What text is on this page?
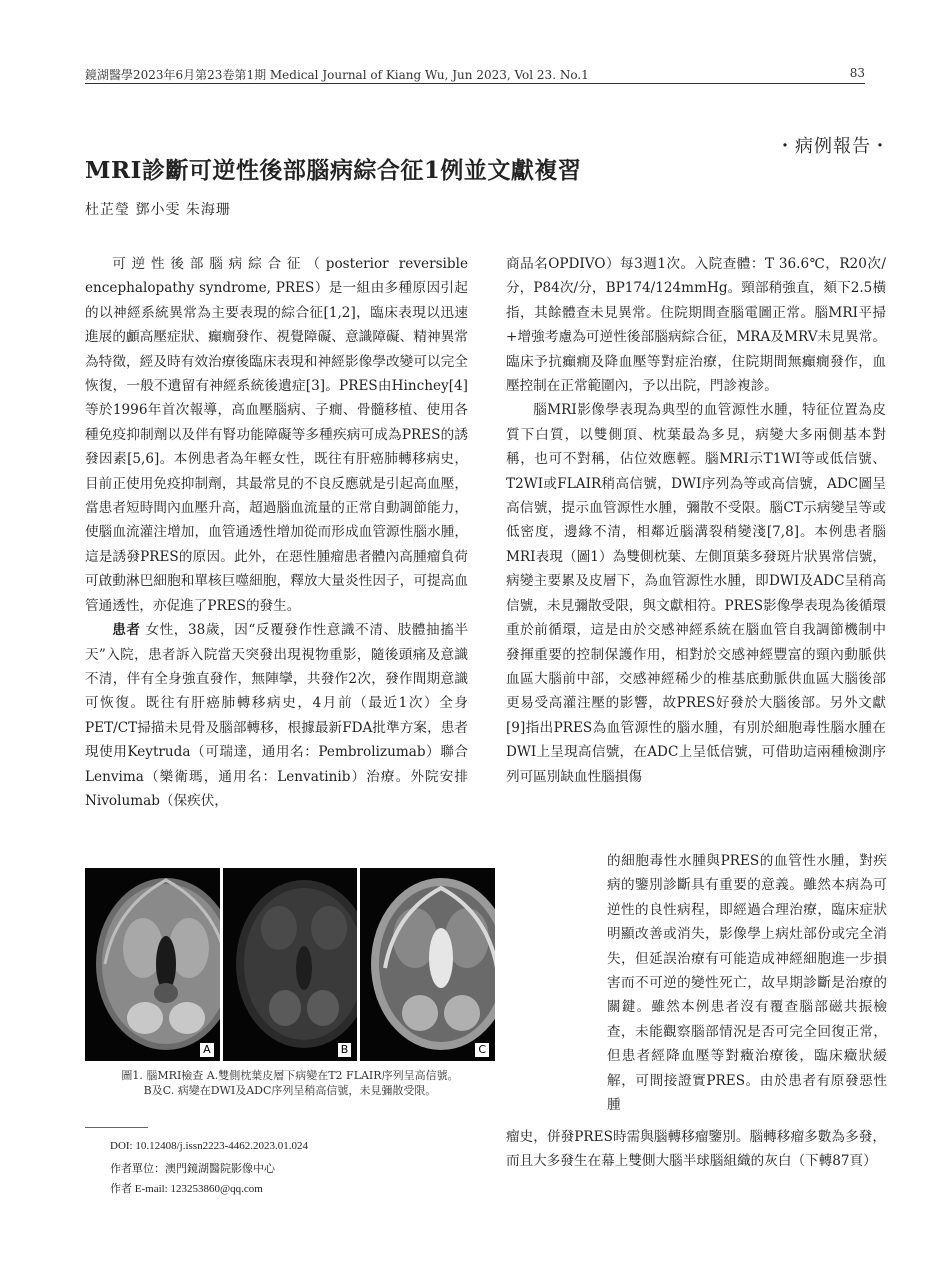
鏡湖醫學2023年6月第23卷第1期 Medical Journal of Kiang Wu, Jun 2023, Vol 23. No.1	83
・病例報告・
MRI診斷可逆性後部腦病綜合征1例並文獻複習
杜芷瑩 鄧小雯 朱海珊

可逆性後部腦病綜合征（posterior reversible encephalopathy syndrome, PRES）是一組由多種原因引起的以神經系統異常為主要表現的綜合征[1,2]，臨床表現以迅速進展的顱高壓症狀、癲癇發作、視覺障礙、意識障礙、精神異常為特徵，經及時有效治療後臨床表現和神經影像學改變可以完全恢復，一般不遺留有神經系統後遺症[3]。PRES由Hinchey[4]等於1996年首次報導，高血壓腦病、子癇、骨髓移植、使用各種免疫抑制劑以及伴有腎功能障礙等多種疾病可成為PRES的誘發因素[5,6]。本例患者為年輕女性，既往有肝癌肺轉移病史，目前正使用免疫抑制劑，其最常見的不良反應就是引起高血壓，當患者短時間內血壓升高，超過腦血流量的正常自動調節能力，使腦血流灌注增加，血管通透性增加從而形成血管源性腦水腫，這是誘發PRES的原因。此外，在惡性腫瘤患者體內高腫瘤負荷可啟動淋巴細胞和單核巨噬細胞，釋放大量炎性因子，可提高血管通透性，亦促進了PRES的發生。

患者 女性，38歲，因“反覆發作性意識不清、肢體抽搐半天”入院，患者訴入院當天突發出現視物重影，隨後頭痛及意識不清，伴有全身強直發作，無陣攣，共發作2次，發作間期意識可恢復。既往有肝癌肺轉移病史，4月前（最近1次）全身PET/CT掃描未見骨及腦部轉移，根據最新FDA批準方案，患者現使用Keytruda（可瑞達，通用名：Pembrolizumab）聯合Lenvima（樂衛瑪，通用名：Lenvatinib）治療。外院安排Nivolumab（保疾伏，

商品名OPDIVO）每3週1次。入院查體：T 36.6℃，R20次/分，P84次/分，BP174/124mmHg。頸部稍強直，頦下2.5橫指，其餘體查未見異常。住院期間查腦電圖正常。腦MRI平掃+增強考慮為可逆性後部腦病綜合征，MRA及MRV未見異常。臨床予抗癲癇及降血壓等對症治療，住院期間無癲癇發作，血壓控制在正常範圍內，予以出院，門診複診。

腦MRI影像學表現為典型的血管源性水腫，特征位置為皮質下白質，以雙側頂、枕葉最為多見，病變大多兩側基本對稱，也可不對稱，佔位效應輕。腦MRI示T1WI等或低信號、T2WI或FLAIR稍高信號，DWI序列為等或高信號，ADC圖呈高信號，提示血管源性水腫，彌散不受限。腦CT示病變呈等或低密度，邊緣不清，相鄰近腦溝裂稍變淺[7,8]。本例患者腦MRI表現（圖1）為雙側枕葉、左側頂葉多發斑片狀異常信號，病變主要累及皮層下，為血管源性水腫，即DWI及ADC呈稍高信號，未見彌散受限，與文獻相符。PRES影像學表現為後循環重於前循環，這是由於交感神經系統在腦血管自我調節機制中發揮重要的控制保護作用，相對於交感神經豐富的頸內動脈供血區大腦前中部，交感神經稀少的椎基底動脈供血區大腦後部更易受高灌注壓的影響，故PRES好發於大腦後部。另外文獻[9]指出PRES為血管源性的腦水腫，有別於細胞毒性腦水腫在DWI上呈現高信號，在ADC上呈低信號，可借助這兩種檢測序列可區別缺血性腦損傷

的細胞毒性水腫與PRES的血管性水腫，對疾病的鑒別診斷具有重要的意義。雖然本病為可逆性的良性病程，即經過合理治療，臨床症狀明顯改善或消失，影像學上病灶部份或完全消失，但延誤治療有可能造成神經細胞進一步損害而不可逆的變性死亡，故早期診斷是治療的關鍵。雖然本例患者沒有覆查腦部磁共振檢查，未能觀察腦部情況是否可完全回復正常，但患者經降血壓等對癥治療後，臨床癥狀緩解，可間接證實PRES。由於患者有原發惡性腫

瘤史，併發PRES時需與腦轉移瘤鑒別。腦轉移瘤多數為多發，而且大多發生在幕上雙側大腦半球腦組織的灰白（下轉87頁）

A	B	C
圖1. 腦MRI檢查 A.雙側枕葉皮層下病變在T2 FLAIR序列呈高信號。
B及C. 病變在DWI及ADC序列呈稍高信號，未見彌散受限。
DOI: 10.12408/j.issn2223-4462.2023.01.024
作者單位：澳門鏡湖醫院影像中心
作者 E-mail: 123253860@qq.com
